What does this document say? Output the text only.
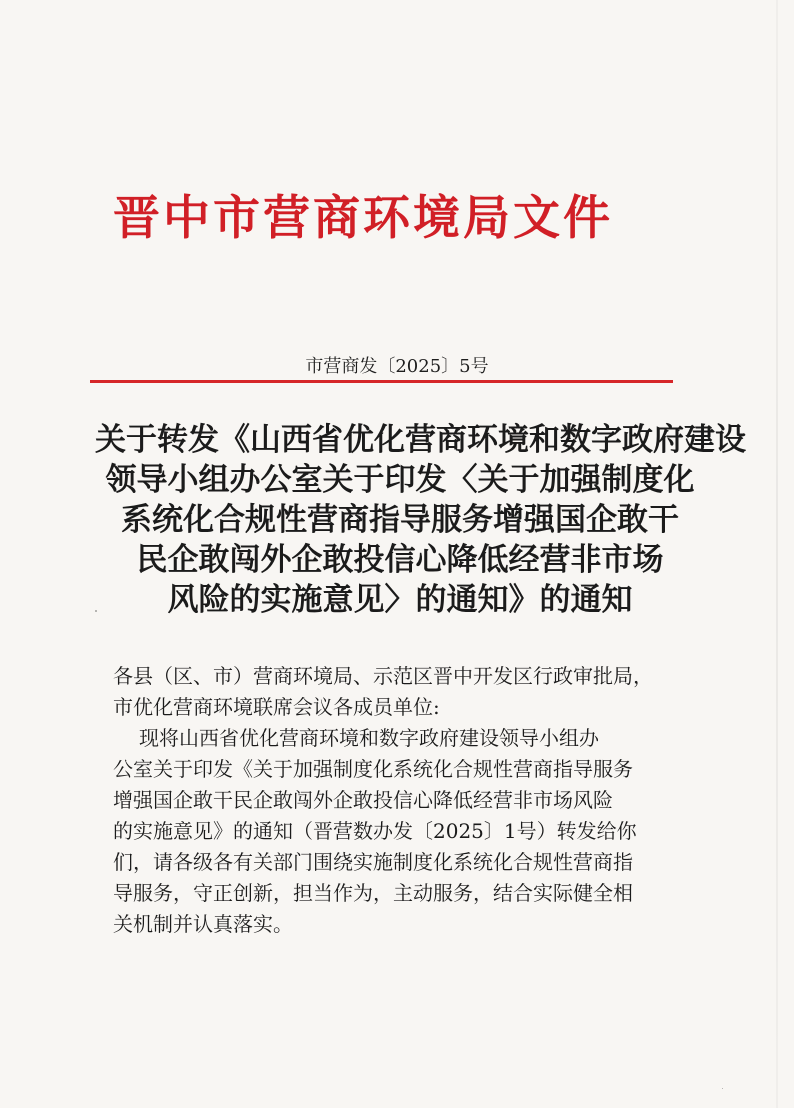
晋中市营商环境局文件
市营商发〔2025〕5号
关于转发《山西省优化营商环境和数字政府建设
领导小组办公室关于印发〈关于加强制度化
系统化合规性营商指导服务增强国企敢干
民企敢闯外企敢投信心降低经营非市场
风险的实施意见〉的通知》的通知
各县（区、市）营商环境局、示范区晋中开发区行政审批局，
市优化营商环境联席会议各成员单位:
现将山西省优化营商环境和数字政府建设领导小组办
公室关于印发《关于加强制度化系统化合规性营商指导服务
增强国企敢干民企敢闯外企敢投信心降低经营非市场风险
的实施意见》的通知（晋营数办发〔2025〕1号）转发给你
们，请各级各有关部门围绕实施制度化系统化合规性营商指
导服务，守正创新，担当作为，主动服务，结合实际健全相
关机制并认真落实。
